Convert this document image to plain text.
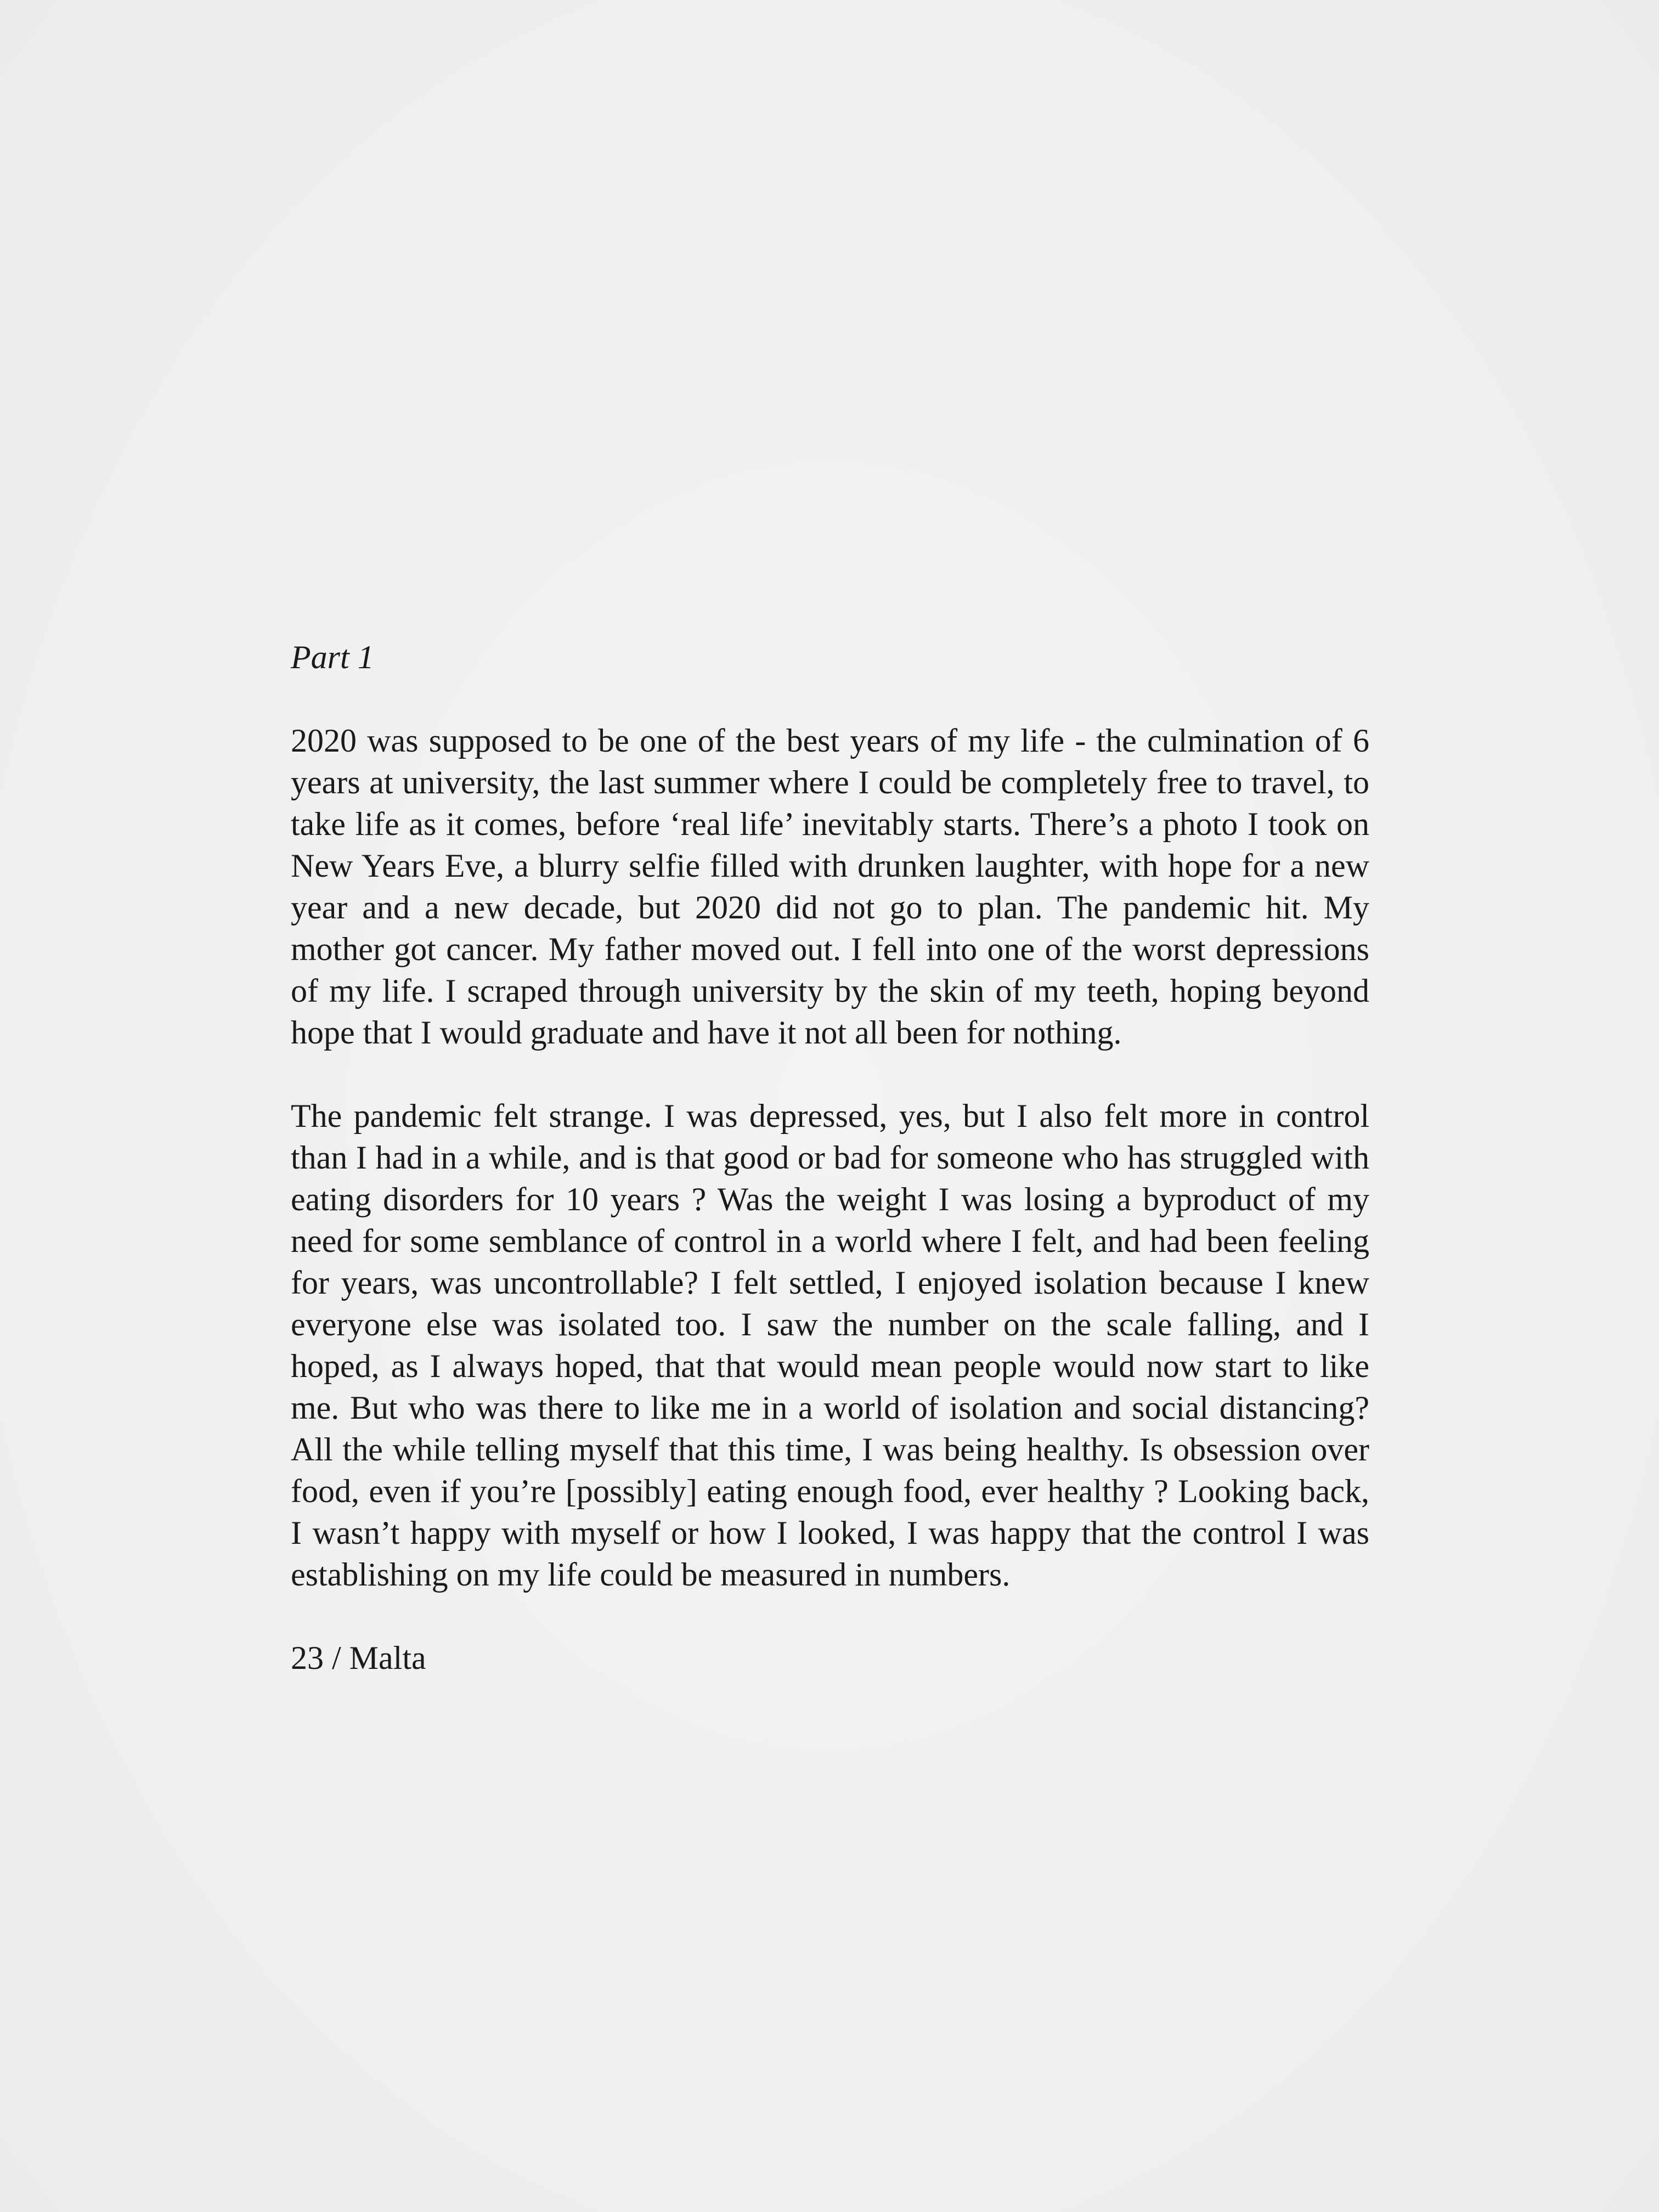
Part 1

2020 was supposed to be one of the best years of my life - the culmination of 6 years at university, the last summer where I could be completely free to travel, to take life as it comes, before ‘real life’ inevitably starts. There’s a photo I took on New Years Eve, a blurry selfie filled with drunken laughter, with hope for a new year and a new decade, but 2020 did not go to plan. The pandemic hit. My mother got cancer. My father moved out. I fell into one of the worst depressions of my life. I scraped through university by the skin of my teeth, hoping beyond hope that I would graduate and have it not all been for nothing.

The pandemic felt strange. I was depressed, yes, but I also felt more in control than I had in a while, and is that good or bad for someone who has struggled with eating disorders for 10 years ? Was the weight I was losing a byproduct of my need for some semblance of control in a world where I felt, and had been feeling for years, was uncontrollable? I felt settled, I enjoyed isolation because I knew everyone else was isolated too. I saw the number on the scale falling, and I hoped, as I always hoped, that that would mean people would now start to like me. But who was there to like me in a world of isolation and social distancing? All the while telling myself that this time, I was being healthy. Is obsession over food, even if you’re [possibly] eating enough food, ever healthy ? Looking back, I wasn’t happy with myself or how I looked, I was happy that the control I was establishing on my life could be measured in numbers.

23 / Malta
